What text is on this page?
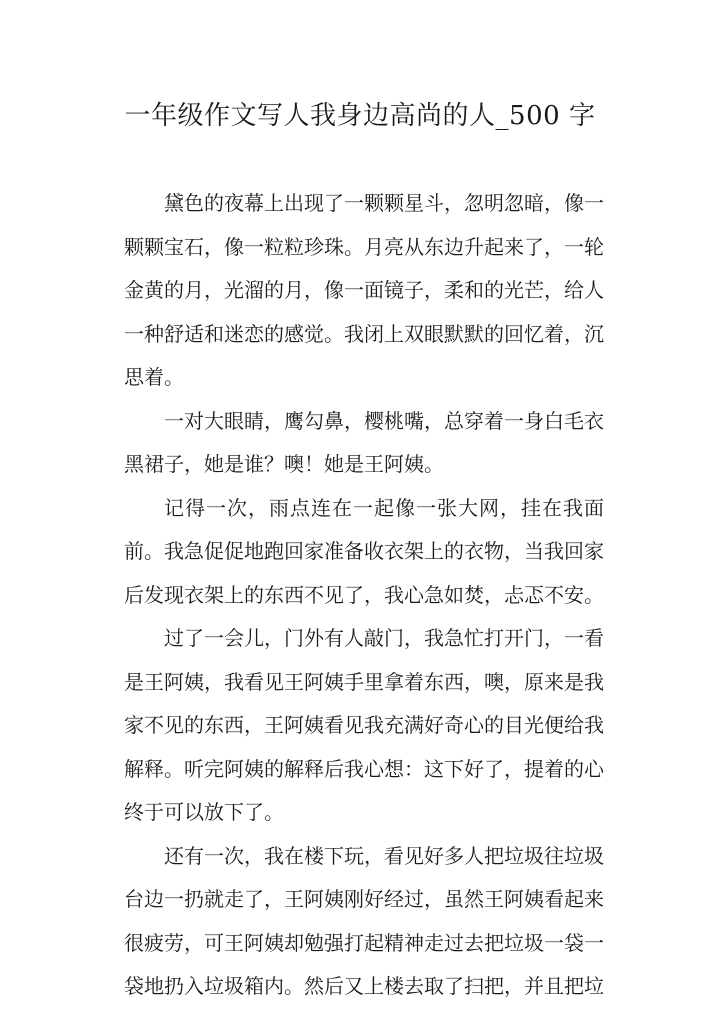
一年级作文写人我身边高尚的人_500 字

黛色的夜幕上出现了一颗颗星斗，忽明忽暗，像一颗颗宝石，像一粒粒珍珠。月亮从东边升起来了，一轮金黄的月，光溜的月，像一面镜子，柔和的光芒，给人一种舒适和迷恋的感觉。我闭上双眼默默的回忆着，沉思着。

一对大眼睛，鹰勾鼻，樱桃嘴，总穿着一身白毛衣黑裙子，她是谁？噢！她是王阿姨。

记得一次，雨点连在一起像一张大网，挂在我面前。我急促促地跑回家准备收衣架上的衣物，当我回家后发现衣架上的东西不见了，我心急如焚，忐忑不安。

过了一会儿，门外有人敲门，我急忙打开门，一看是王阿姨，我看见王阿姨手里拿着东西，噢，原来是我家不见的东西，王阿姨看见我充满好奇心的目光便给我解释。听完阿姨的解释后我心想：这下好了，提着的心终于可以放下了。

还有一次，我在楼下玩，看见好多人把垃圾往垃圾台边一扔就走了，王阿姨刚好经过，虽然王阿姨看起来很疲劳，可王阿姨却勉强打起精神走过去把垃圾一袋一袋地扔入垃圾箱内。然后又上楼去取了扫把，并且把垃
